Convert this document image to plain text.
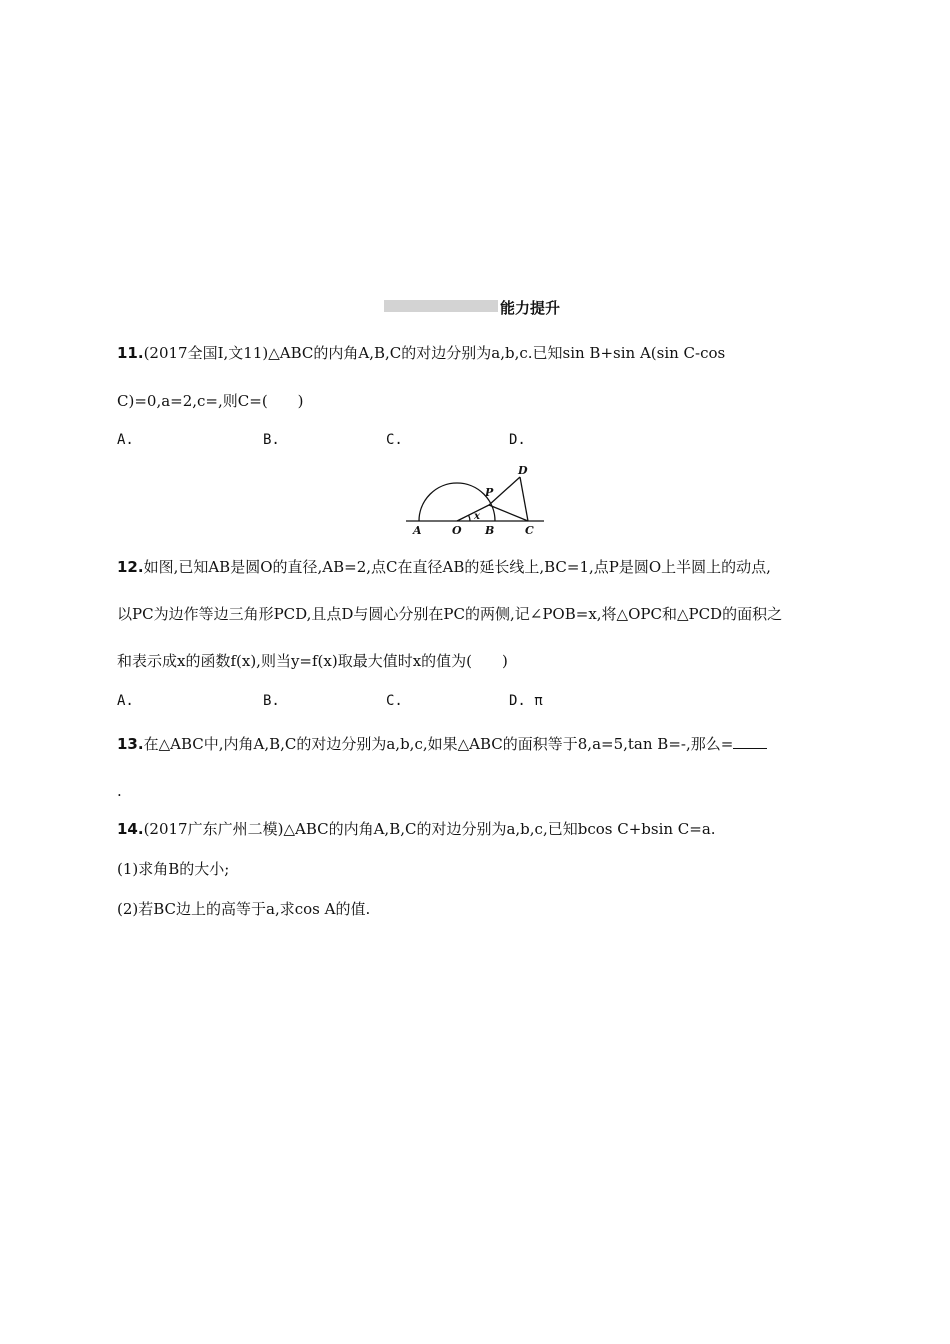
能力提升
11.(2017全国Ⅰ,文11)△ABC的内角A,B,C的对边分别为a,b,c.已知sin B+sin A(sin C-cos
C)=0,a=2,c=,则C=(　　)
A.	B.	C.	D.
A	O B	C
P
D
x
12.如图,已知AB是圆O的直径,AB=2,点C在直径AB的延长线上,BC=1,点P是圆O上半圆上的动点,
以PC为边作等边三角形PCD,且点D与圆心分别在PC的两侧,记∠POB=x,将△OPC和△PCD的面积之
和表示成x的函数f(x),则当y=f(x)取最大值时x的值为(　　)
A.	B.	C.	D. π
13.在△ABC中,内角A,B,C的对边分别为a,b,c,如果△ABC的面积等于8,a=5,tan B=-,那么=
.
14.(2017广东广州二模)△ABC的内角A,B,C的对边分别为a,b,c,已知bcos C+bsin C=a.
(1)求角B的大小;
(2)若BC边上的高等于a,求cos A的值.
